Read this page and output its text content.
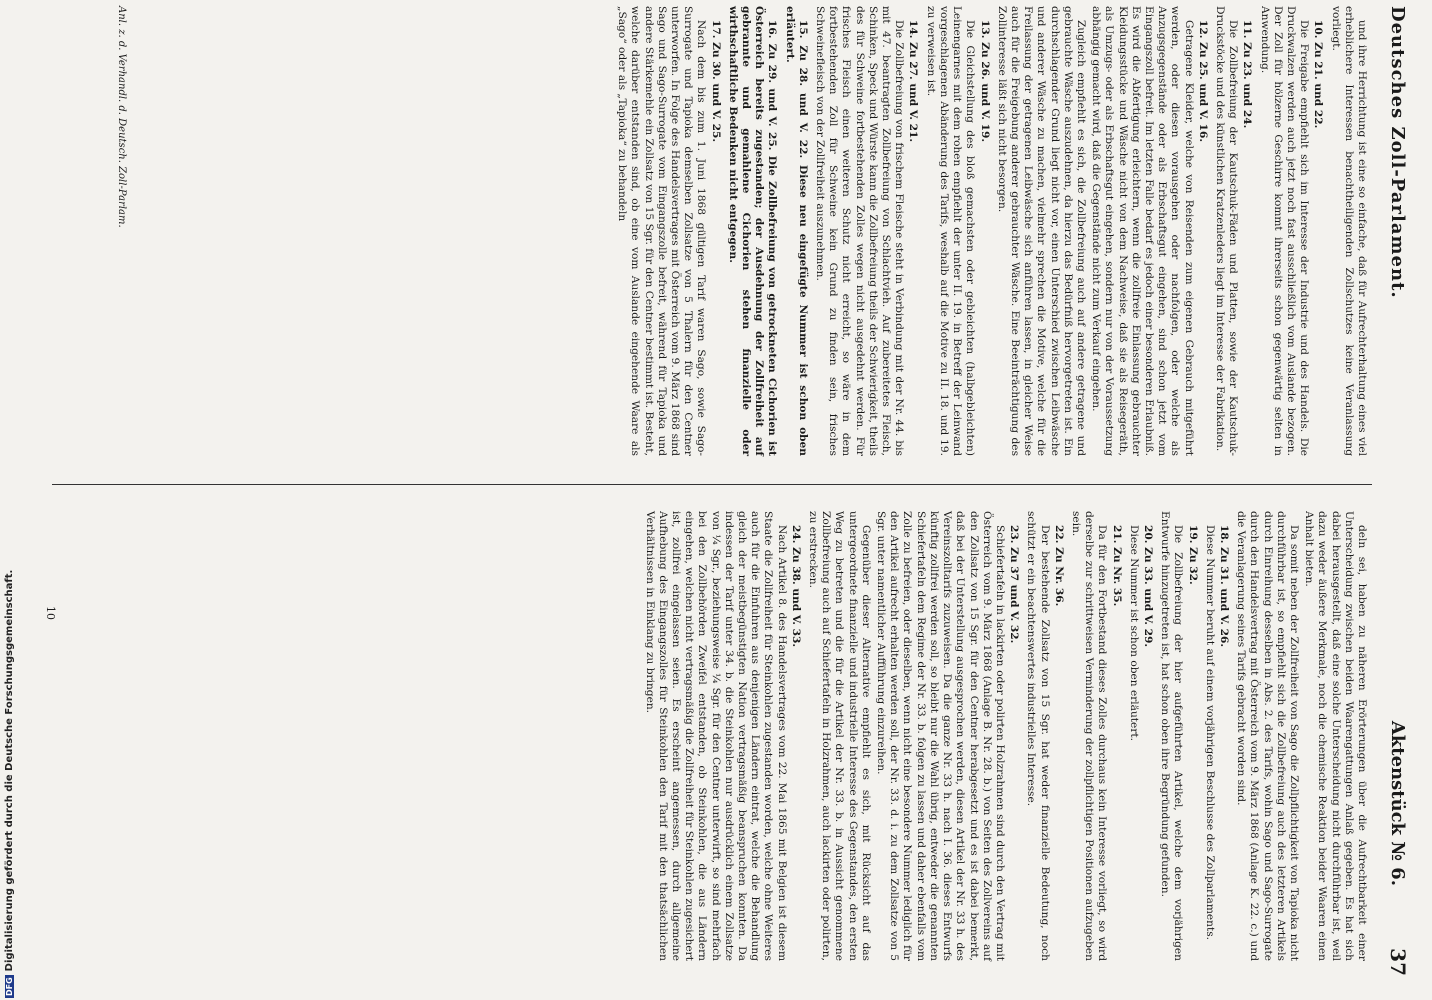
Deutsches Zoll-Parlament.
Aktenstück № 6.
37

und ihre Herrichtung ist eine so einfache, daß für Aufrechterhaltung eines viel erheblichere Interessen benachtheiligenden Zollschutzes keine Veranlassung vorliegt.

10. Zu 21. und 22.

Die Freigabe empfiehlt sich im Interesse der Industrie und des Handels. Die Druckwalzen werden auch jetzt noch fast ausschließlich vom Auslande bezogen. Der Zoll für hölzerne Geschirre kommt ihrerseits schon gegenwärtig selten in Anwendung.

11. Zu 23. und 24.

Die Zollbefreiung der Kautschuk-Fäden und Platten, sowie der Kautschuk-Druckstöcke und des künstlichen Kratzenleders liegt im Interesse der Fabrikation.

12. Zu 25. und V. 16.

Getragene Kleider, welche von Reisenden zum eigenen Gebrauch mitgeführt werden, oder diesen vorausgehen oder nachfolgen, oder welche als Anzugsgegenstände oder als Erbschaftsgut eingehen, sind schon jetzt vom Eingangszoll befreit. Im letzten Falle bedarf es jedoch einer besonderen Erlaubniß. Es wird die Abfertigung erleichtern, wenn die zollfreie Einlassung gebrauchter Kleidungsstücke und Wäsche nicht von dem Nachweise, daß sie als Reisegeräth, als Umzugs- oder als Erbschaftsgut eingehen, sondern nur von der Voraussetzung abhängig gemacht wird, daß die Gegenstände nicht zum Verkauf eingehen.

Zugleich empfiehlt es sich, die Zollbefreiung auch auf andere getragene und gebrauchte Wäsche auszudehnen, da hierzu das Bedürfniß hervorgetreten ist. Ein durchschlagender Grund liegt nicht vor, einen Unterschied zwischen Leibwäsche und anderer Wäsche zu machen, vielmehr sprechen die Motive, welche für die Freilassung der getragenen Leibwäsche sich anführen lassen, in gleicher Weise auch für die Freigebung anderer gebrauchter Wäsche. Eine Beeinträchtigung des Zollinteresse läßt sich nicht besorgen.

13. Zu 26. und V. 19.

Die Gleichstellung des bloß gemachsten oder gebleichten (halbgebleichten) Leinengarnes mit dem rohen empfiehlt der unter II. 19. in Betreff der Leinwand vorgeschlagenen Abänderung des Tarifs, weshalb auf die Motive zu II. 18. und 19. zu verweisen ist.

14. Zu 27. und V. 21.

Die Zollbefreiung von frischem Fleische steht in Verbindung mit der Nr. 44. bis mit 47. beantragten Zollbefreiung von Schlachtvieh. Auf zubereitetes Fleisch, Schinken, Speck und Würste kann die Zollbefreiung theils der Schwierigkeit, theils des für Schweine fortbestehenden Zolles wegen nicht ausgedehnt werden. Für frisches Fleisch einen weiteren Schutz nicht erreicht, so wäre in dem fortbestehenden Zoll für Schweine kein Grund zu finden sein, frisches Schweinefleisch von der Zollfreiheit auszunehmen.

15. Zu 28. und V. 22. Diese neu eingefügte Nummer ist schon oben erläutert.

16. Zu 29. und V. 25. Die Zollbefreiung von getrockneten Cichorien ist Österreich bereits zugestanden; der Ausdehnung der Zollfreiheit auf gebrannte und gemahlene Cichorien stehen finanzielle oder wirthschaftliche Bedenken nicht entgegen.

17. Zu 30. und V. 25.

Nach dem bis zum 1. Juni 1868 gültigen Tarif waren Sago, sowie Sago-Surrogate und Tapioka demselben Zollsatze von 5 Thalern für den Centner unterworfen. In Folge des Handelsvertrages mit Österreich vom 9. März 1868 sind Sago und Sago-Surrogate vom Eingangszolle befreit, während für Tapioka und andere Stärkemehle ein Zollsatz von 15 Sgr. für den Centner bestimmt ist. Besteht, welche darüber entstanden sind, ob eine vom Auslande eingehende Waare als „Sago“ oder als „Tapioka“ zu behandeln

deln sei, haben zu näheren Erörterungen über die Aufrechtbarkeit einer Unterscheidung zwischen beiden Waarengattungen Anlaß gegeben. Es hat sich dabei herausgestellt, daß eine solche Unterscheidung nicht durchführbar ist, weil dazu weder äußere Merkmale, noch die chemische Reaktion beider Waaren einen Anhalt bieten.

Da somit neben der Zollfreiheit von Sago die Zollpflichtigkeit von Tapioka nicht durchführbar ist, so empfiehlt sich die Zollbefreiung auch des letzteren Artikels durch Einreihung desselben in Abs. 2. des Tarifs, wohin Sago und Sago-Surrogate durch den Handelsvertrag mit Österreich vom 9. März 1868 (Anlage K. 22. c.) und die Veranlagerung seines Tarifs gebracht worden sind.

18. Zu 31. und V. 26.

Diese Nummer beruht auf einem vorjährigen Beschlusse des Zollparlaments.

19. Zu 32.

Die Zollbefreiung der hier aufgeführten Artikel, welche dem vorjährigen Entwurfe hinzugetreten ist, hat schon oben ihre Begründung gefunden.

20. Zu 33. und V. 29.

Diese Nummer ist schon oben erläutert.

21. Zu Nr. 35.

Da für den Fortbestand dieses Zolles durchaus kein Interesse vorliegt, so wird derselbe zur schrittweisen Verminderung der zollpflichtigen Positionen aufzugeben sein.

22. Zu Nr. 36.

Der bestehende Zollsatz von 15 Sgr. hat weder finanzielle Bedeutung, noch schützt er ein beachtenswertes industrielles Interesse.

23. Zu 37 und V. 32.

Schiefertafeln in lackirten oder polirten Holzrahmen sind durch den Vertrag mit Österreich vom 9. März 1868 (Anlage B. Nr. 28. b.) von Seiten des Zollvereins auf den Zollsatz von 15 Sgr. für den Centner herabgesetzt und es ist dabei bemerkt, daß bei der Unterstellung ausgesprochen werden, diesen Artikel der Nr. 33 h. des Vereinszolltarifs zuzuweisen. Da die ganze Nr. 33 h. nach I. 36. dieses Entwurfs künftig zollfrei werden soll, so bleibt nur die Wahl übrig, entweder die genannten Schiefertafeln dem Regime der Nr. 33. b. folgen zu lassen und daher ebenfalls vom Zolle zu befreien, oder dieselben, wenn nicht eine besondere Nummer lediglich für den Artikel aufrecht erhalten werden soll, der Nr. 33. d. i. zu dem Zollsatze von 5 Sgr. unter namentlicher Aufführung einzureihen.

Gegenüber dieser Alternative empfiehlt es sich, mit Rücksicht auf das untergeordnete finanzielle und industrielle Interesse des Gegenstandes, den ersten Weg zu betreten und die für die Artikel der Nr. 33. b. in Aussicht genommene Zollbefreiung auch auf Schiefertafeln in Holzrahmen, auch lackirten oder polirten, zu erstrecken.

24. Zu 38. und V. 33.

Nach Artikel 8. des Handelsvertrages vom 22. Mai 1865 mit Belgien ist diesem Staate die Zollfreiheit für Steinkohlen zugestanden worden, welche ohne Weiteres auch für die Einfuhren aus denjenigen Ländern eintrat, welche die Behandlung gleich der meistbegünstigten Nation vertragsmäßig beanspruchen konnten. Da indessen der Tarif unter 34. b. die Steinkohlen nur ausdrücklich einem Zollsatze von ¼ Sgr., beziehungsweise ¼ Sgr. für den Centner unterwirft, so sind mehrfach bei den Zollbehörden Zweifel entstanden, ob Steinkohlen, die aus Ländern eingehen, welchen nicht vertragsmäßig die Zollfreiheit für Steinkohlen zugesichert ist, zollfrei eingelassen seien. Es erscheint angemessen, durch allgemeine Aufhebung des Eingangszolles für Steinkohlen den Tarif mit den thatsächlichen Verhältnissen in Einklang zu bringen.

Anl. z. d. Verhandl. d. Deutsch. Zoll-Parlam.
10
DFGDigitalisierung gefördert durch die Deutsche Forschungsgemeinschaft.
